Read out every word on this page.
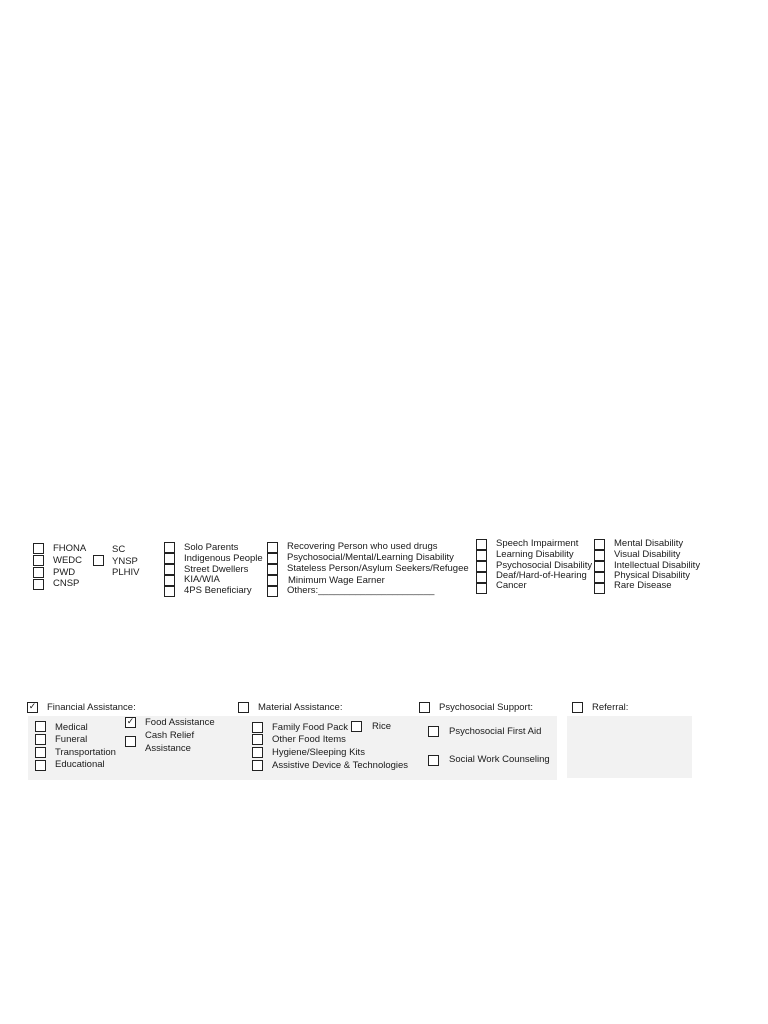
FHONA
WEDC
PWD
CNSP
SC
YNSP
PLHIV
Solo Parents
Indigenous People
Street Dwellers
KIA/WIA
4PS Beneficiary
Recovering Person who used drugs
Psychosocial/Mental/Learning Disability
Stateless Person/Asylum Seekers/Refugee
Minimum Wage Earner
Others:______________________
Speech Impairment
Learning Disability
Psychosocial Disability
Deaf/Hard-of-Hearing
Cancer
Mental Disability
Visual Disability
Intellectual Disability
Physical Disability
Rare Disease
✓
Financial Assistance:
Medical
Funeral
Transportation
Educational
✓
Food Assistance
Cash Relief
Assistance
Material Assistance:
Family Food Pack
Other Food Items
Hygiene/Sleeping Kits
Assistive Device & Technologies
Rice
Psychosocial Support:
Psychosocial First Aid
Social Work Counseling
Referral:
